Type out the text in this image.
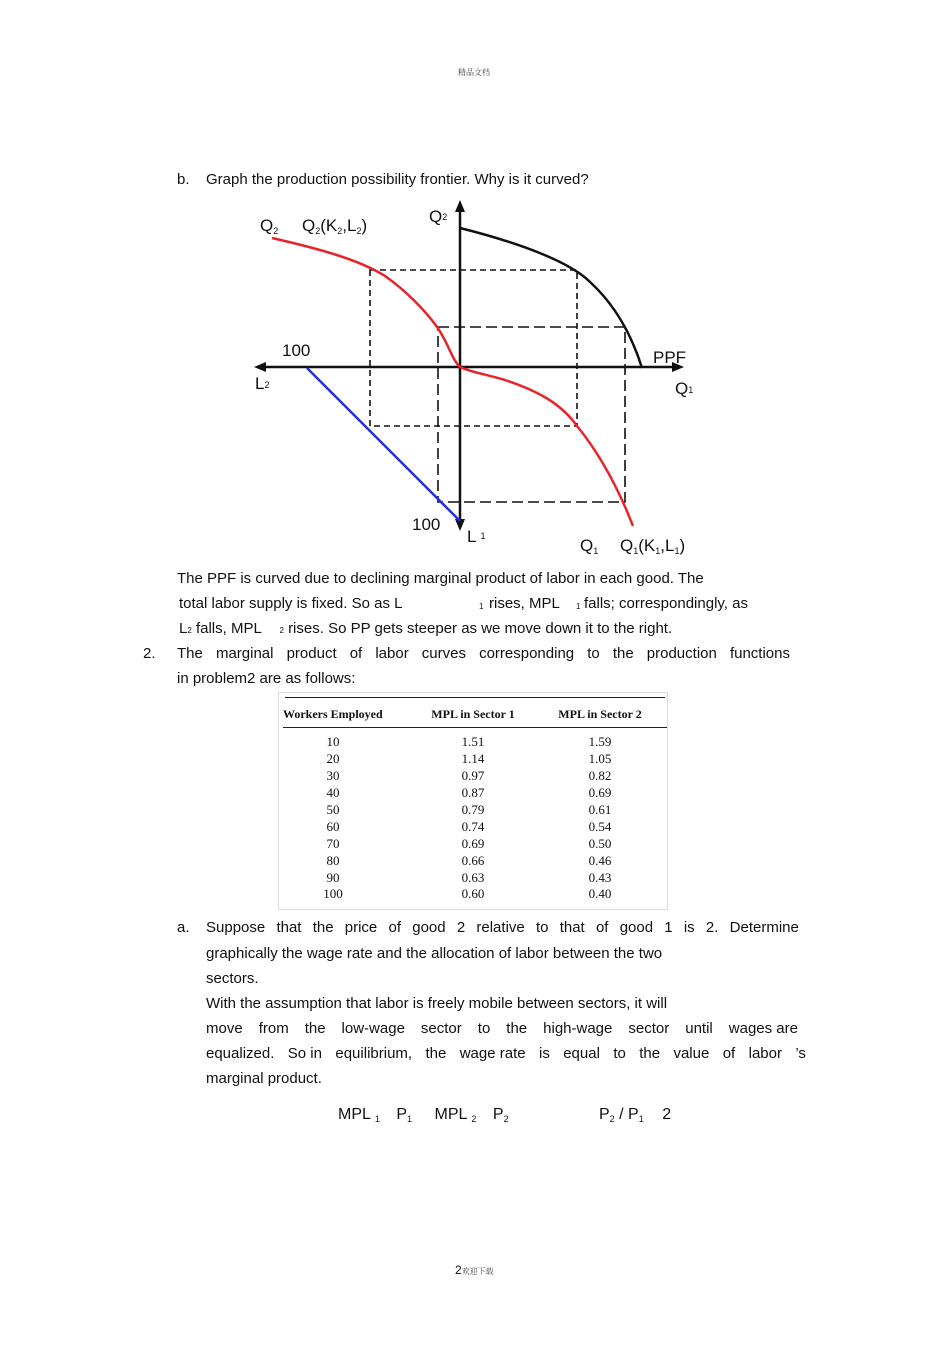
精品文档
2欢迎下载
b. Graph the production possibility frontier. Why is it curved?
Q2 Q2(K2,L2)	Q2
100
L2
PPF
Q1
100
L 1	Q1 Q1(K1,L1)
The PPF is curved due to declining marginal product of labor in each good. The
total labor supply is fixed. So as L	1 rises, MPL 1 falls; correspondingly, as
L2 falls, MPL 2 rises. So PP gets steeper as we move down it to the right.
2. The marginal product of labor curves corresponding to the production functions
in problem2 are as follows:
Workers Employed	MPL in Sector 1	MPL in Sector 2

10	1.51	1.59
20	1.14	1.05
30	0.97	0.82
40	0.87	0.69
50	0.79	0.61
60	0.74	0.54
70	0.69	0.50
80	0.66	0.46
90	0.63	0.43
100	0.60	0.40
a. Suppose that the price of good 2 relative to that of good 1 is 2. Determine
graphically the wage rate and the allocation of labor between the two
sectors.
With the assumption that labor is freely mobile between sectors, it will
move from the low-wage sector to the high-wage sector until wages are
equalized. So in equilibrium, the wage rate is equal to the value of labor ’s
marginal product.
MPL 1 P1 MPL 2 P2	P2 / P1 2
